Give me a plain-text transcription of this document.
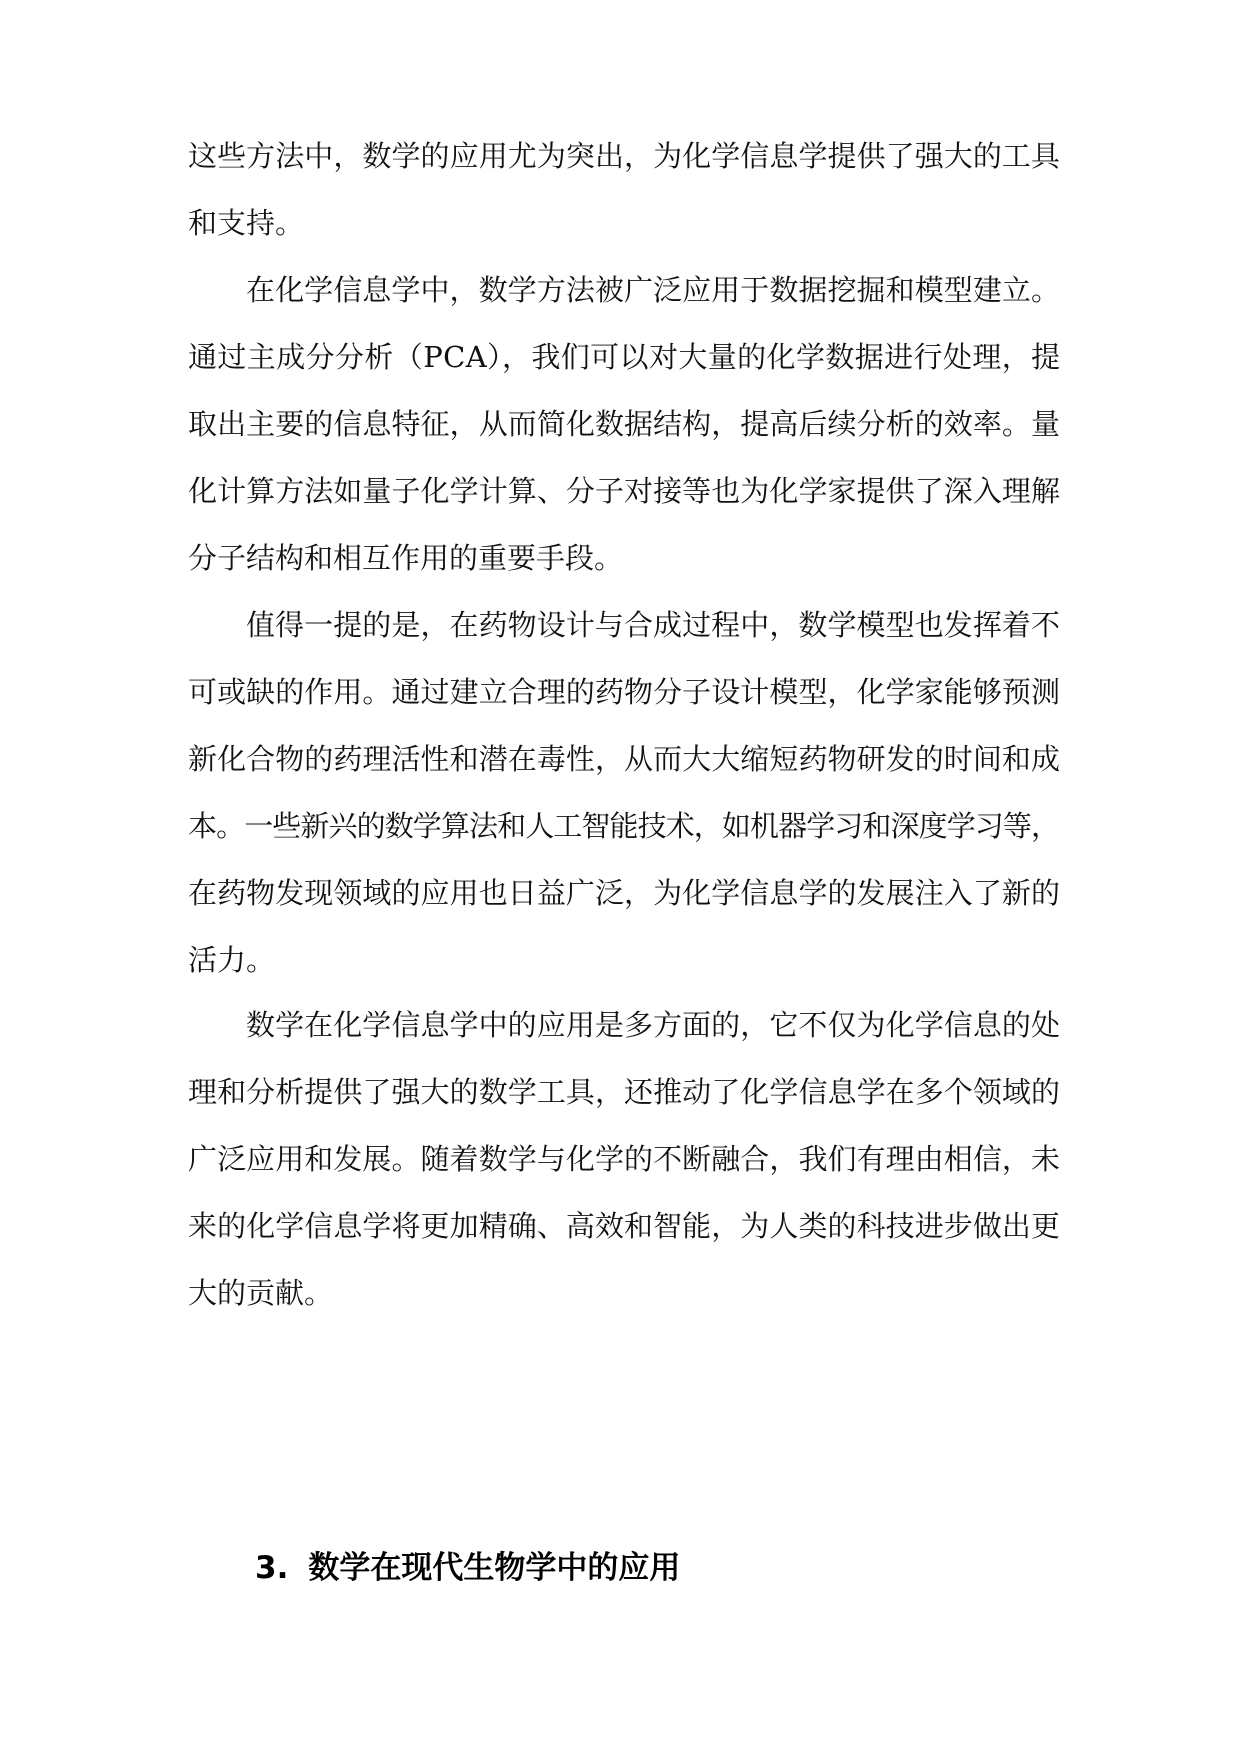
这些方法中，数学的应用尤为突出，为化学信息学提供了强大的工具
和支持。
在化学信息学中，数学方法被广泛应用于数据挖掘和模型建立。
通过主成分分析（PCA），我们可以对大量的化学数据进行处理，提
取出主要的信息特征，从而简化数据结构，提高后续分析的效率。量
化计算方法如量子化学计算、分子对接等也为化学家提供了深入理解
分子结构和相互作用的重要手段。
值得一提的是，在药物设计与合成过程中，数学模型也发挥着不
可或缺的作用。通过建立合理的药物分子设计模型，化学家能够预测
新化合物的药理活性和潜在毒性，从而大大缩短药物研发的时间和成
本。一些新兴的数学算法和人工智能技术，如机器学习和深度学习等，
在药物发现领域的应用也日益广泛，为化学信息学的发展注入了新的
活力。
数学在化学信息学中的应用是多方面的，它不仅为化学信息的处
理和分析提供了强大的数学工具，还推动了化学信息学在多个领域的
广泛应用和发展。随着数学与化学的不断融合，我们有理由相信，未
来的化学信息学将更加精确、高效和智能，为人类的科技进步做出更
大的贡献。
3. 数学在现代生物学中的应用
